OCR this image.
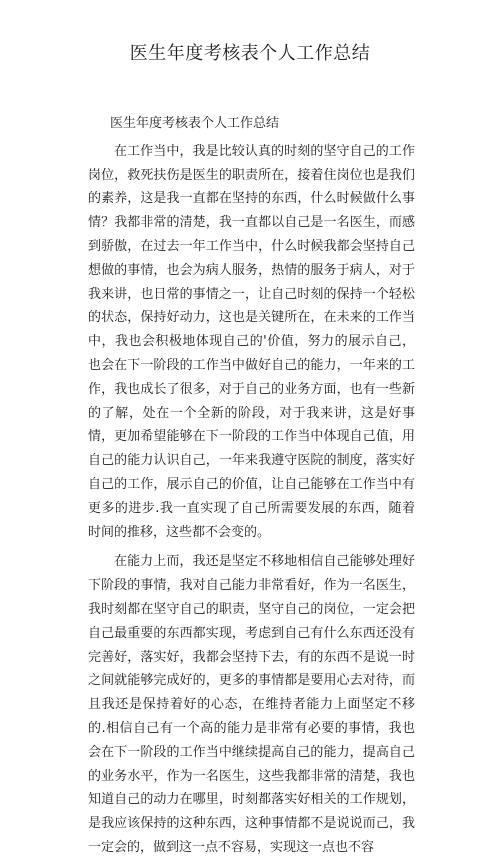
医生年度考核表个人工作总结

医生年度考核表个人工作总结

在工作当中，我是比较认真的时刻的坚守自己的工作岗位，救死扶伤是医生的职责所在，接着住岗位也是我们的素养，这是我一直都在坚持的东西，什么时候做什么事情？我都非常的清楚，我一直都以自己是一名医生，而感到骄傲，在过去一年工作当中，什么时候我都会坚持自己想做的事情，也会为病人服务，热情的服务于病人，对于我来讲，也日常的事情之一，让自己时刻的保持一个轻松的状态，保持好动力，这也是关键所在，在未来的工作当中，我也会积极地体现自己的'价值，努力的展示自己，也会在下一阶段的工作当中做好自己的能力，一年来的工作，我也成长了很多，对于自己的业务方面，也有一些新的了解，处在一个全新的阶段，对于我来讲，这是好事情，更加希望能够在下一阶段的工作当中体现自己值，用自己的能力认识自己，一年来我遵守医院的制度，落实好自己的工作，展示自己的价值，让自己能够在工作当中有更多的进步.我一直实现了自己所需要发展的东西，随着时间的推移，这些都不会变的。

在能力上而，我还是坚定不移地相信自己能够处理好下阶段的事情，我对自己能力非常看好，作为一名医生，我时刻都在坚守自己的职责，坚守自己的岗位，一定会把自己最重要的东西都实现，考虑到自己有什么东西还没有完善好，落实好，我都会坚持下去，有的东西不是说一时之间就能够完成好的，更多的事情都是要用心去对待，而且我还是保持着好的心态，在维持者能力上面坚定不移的.相信自己有一个高的能力是非常有必要的事情，我也会在下一阶段的工作当中继续提高自己的能力，提高自己的业务水平，作为一名医生，这些我都非常的清楚，我也知道自己的动力在哪里，时刻都落实好相关的工作规划，是我应该保持的这种东西，这种事情都不是说说而己，我一定会的，做到这一点不容易，实现这一点也不容
